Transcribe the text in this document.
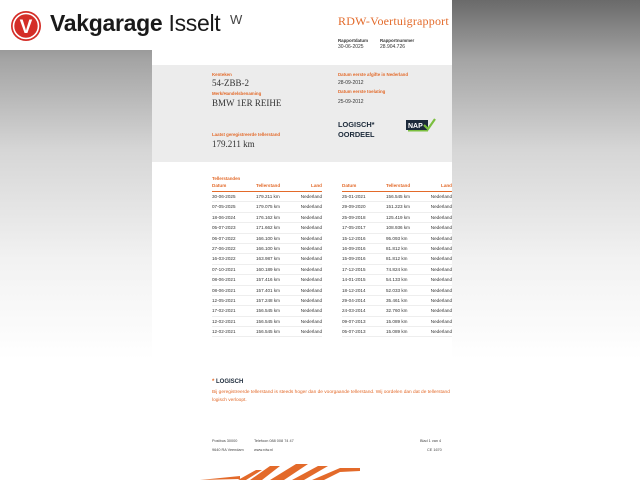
W	RDW-Voertuigrapport
Rapportdatum	Rapportnummer
30-06-2025	28.904.726
Kenteken
54-ZBB-2
Merk/Handelsbenaming
BMW 1ER REIHE
Laatst geregistreerde tellerstand
179.211 km
Datum eerste afgifte in Nederland
28-09-2012
Datum eerste toelating
25-09-2012
LOGISCH*
OORDEEL
NAP
Tellerstanden
Datum	Tellerstand	Land
30-06-2025	179.211 km	Nederland
07-05-2025	179.075 km	Nederland
18-06-2024	176.162 km	Nederland
05-07-2023	171.662 km	Nederland
06-07-2022	166.100 km	Nederland
27-06-2022	166.100 km	Nederland
16-03-2022	163.987 km	Nederland
07-10-2021	160.189 km	Nederland
08-06-2021	157.416 km	Nederland
08-06-2021	157.401 km	Nederland
12-05-2021	157.248 km	Nederland
17-02-2021	156.545 km	Nederland
12-02-2021	156.545 km	Nederland
12-02-2021	156.545 km	Nederland
Datum	Tellerstand	Land
25-01-2021	156.545 km	Nederland
29-09-2020	151.223 km	Nederland
25-09-2018	125.419 km	Nederland
17-05-2017	108.936 km	Nederland
15-12-2016	95.093 km	Nederland
16-09-2016	81.812 km	Nederland
15-09-2016	81.812 km	Nederland
17-12-2015	74.824 km	Nederland
14-01-2015	54.133 km	Nederland
18-12-2014	52.033 km	Nederland
29-04-2014	35.461 km	Nederland
24-03-2014	32.760 km	Nederland
09-07-2013	15.089 km	Nederland
05-07-2013	15.089 km	Nederland
* LOGISCH
Bij geregistreerde tellerstand is steeds hoger dan de voorgaande tellerstand. Wij oordelen dan dat de tellerstand logisch verloopt.
Postbus 30000
9640 RA Veendam
Telefoon 088 008 74 47
www.rdw.nl
Blad 1 van 4
CE 1670
V Vakgarage Isselt
